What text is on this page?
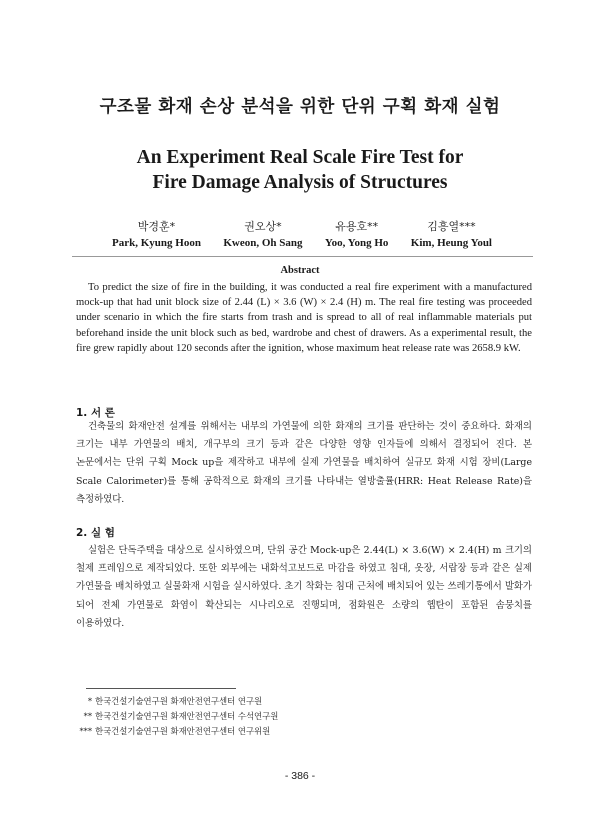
구조물 화재 손상 분석을 위한 단위 구획 화재 실험
An Experiment Real Scale Fire Test for
Fire Damage Analysis of Structures
박경훈*
Park, Kyung Hoon
권오상*
Kweon, Oh Sang
유용호**
Yoo, Yong Ho
김흥열***
Kim, Heung Youl
Abstract
To predict the size of fire in the building, it was conducted a real fire experiment with a manufactured mock-up that had unit block size of 2.44 (L) × 3.6 (W) × 2.4 (H) m. The real fire testing was proceeded under scenario in which the fire starts from trash and is spread to all of real inflammable materials put beforehand inside the unit block such as bed, wardrobe and chest of drawers. As a experimental result, the fire grew rapidly about 120 seconds after the ignition, whose maximum heat release rate was 2658.9 kW.
1. 서 론
건축물의 화재안전 설계를 위해서는 내부의 가연물에 의한 화재의 크기를 판단하는 것이 중요하다. 화재의 크기는 내부 가연물의 배치, 개구부의 크기 등과 같은 다양한 영향 인자들에 의해서 결정되어 진다. 본 논문에서는 단위 구획 Mock up을 제작하고 내부에 실제 가연물을 배치하여 실규모 화재 시험 장비(Large Scale Calorimeter)를 통해 공학적으로 화재의 크기를 나타내는 열방출률(HRR: Heat Release Rate)을 측정하였다.
2. 실 험
실험은 단독주택을 대상으로 실시하였으며, 단위 공간 Mock-up은 2.44(L) × 3.6(W) × 2.4(H) m 크기의 철제 프레임으로 제작되었다. 또한 외부에는 내화석고보드로 마감을 하였고 침대, 옷장, 서랍장 등과 같은 실제 가연물을 배치하였고 실물화재 시험을 실시하였다. 초기 착화는 침대 근처에 배치되어 있는 쓰레기통에서 발화가 되어 전체 가연물로 화염이 확산되는 시나리오로 진행되며, 점화원은 소량의 헵탄이 포함된 솜뭉치를 이용하였다.
* 한국건설기술연구원 화재안전연구센터 연구원
** 한국건설기술연구원 화재안전연구센터 수석연구원
*** 한국건설기술연구원 화재안전연구센터 연구위원
- 386 -
